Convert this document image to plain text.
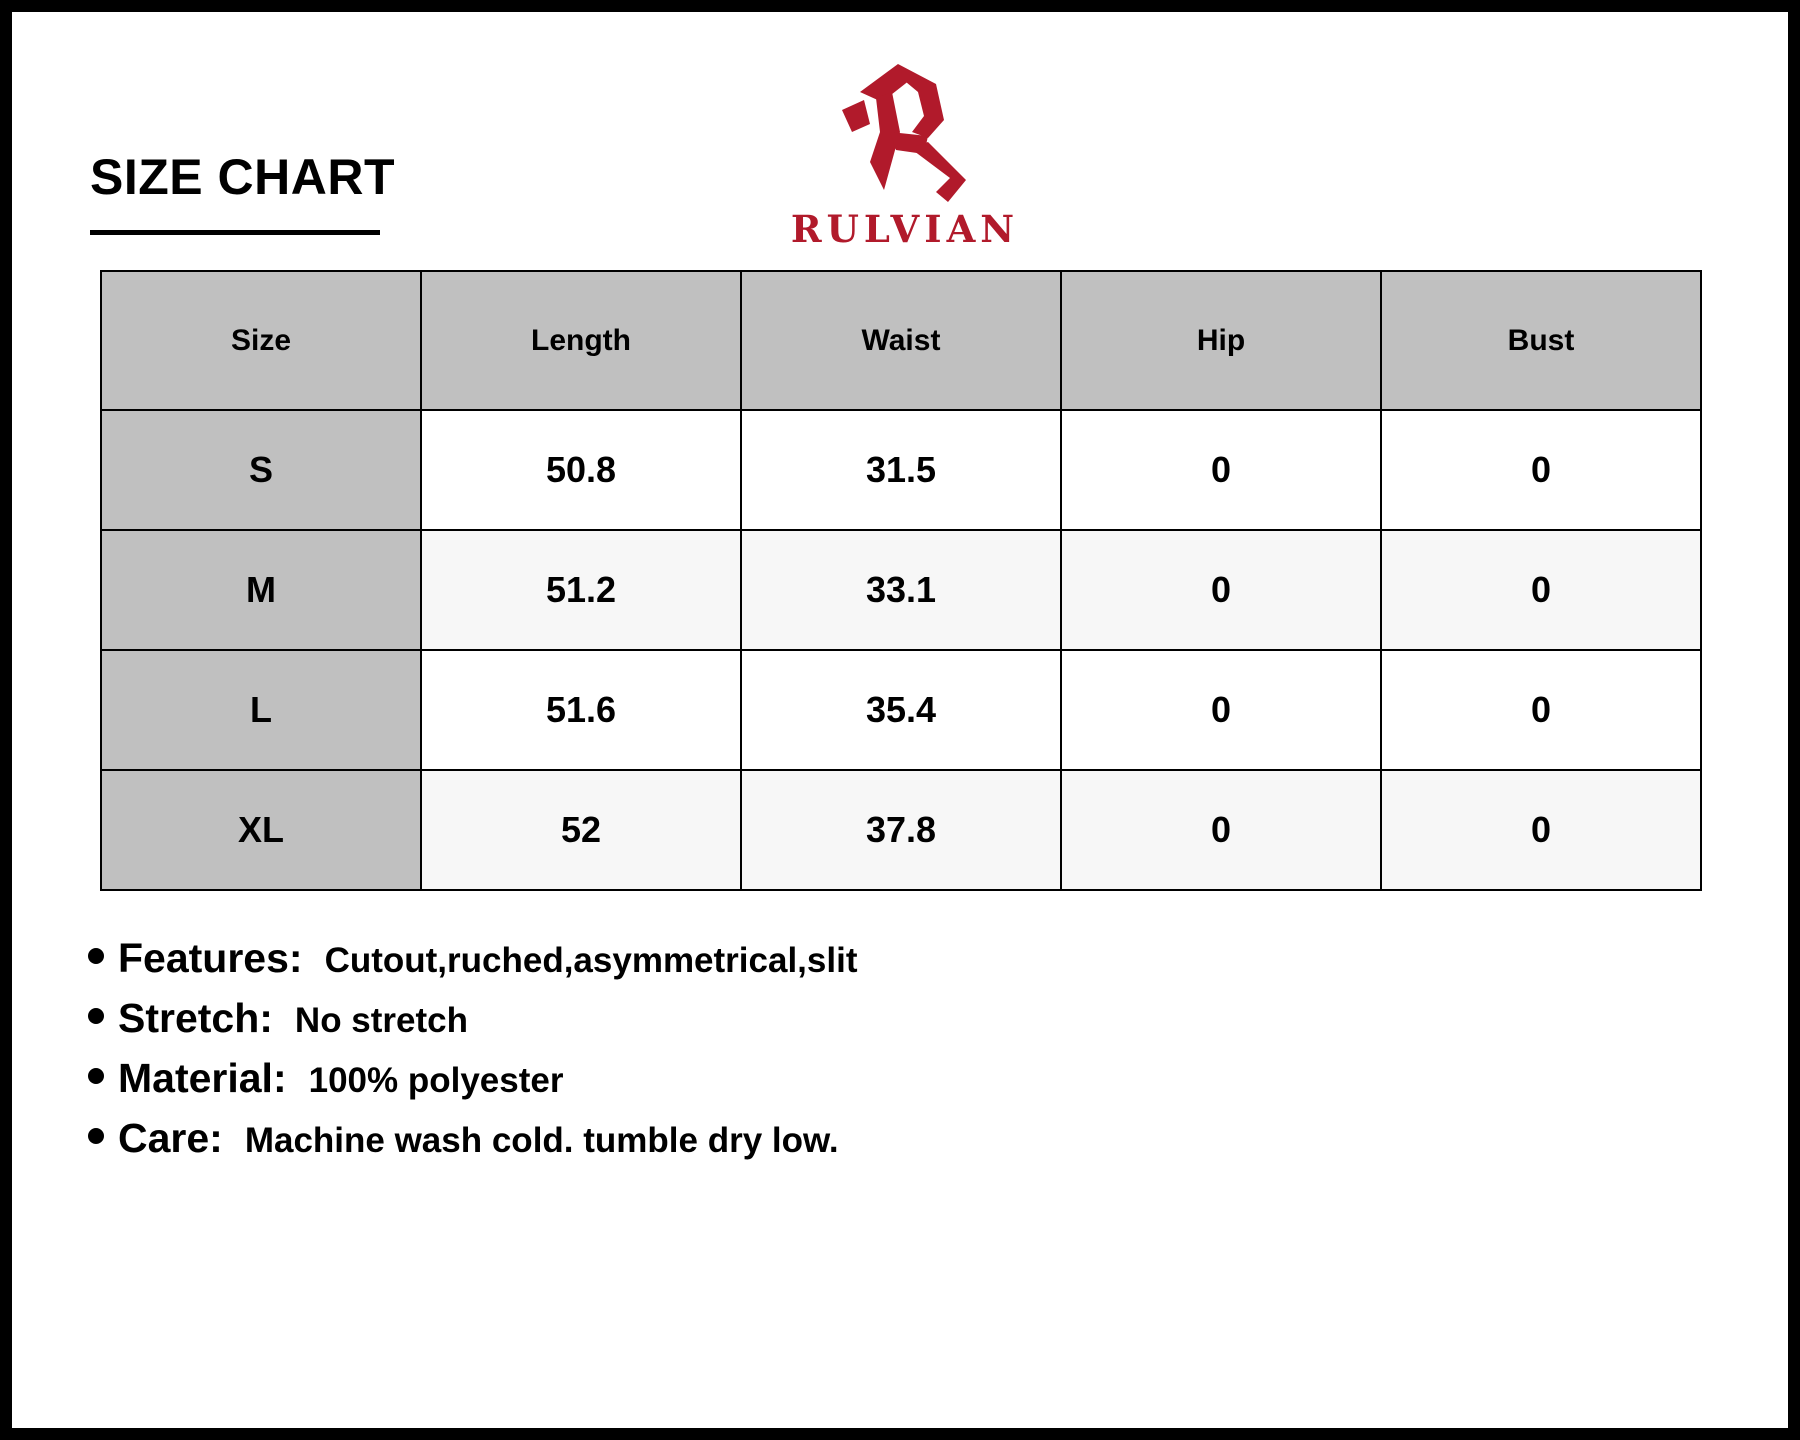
SIZE CHART
RULVIAN
Size	Length	Waist	Hip	Bust
S	50.8	31.5	0	0
M	51.2	33.1	0	0
L	51.6	35.4	0	0
XL	52	37.8	0	0
Features: Cutout,ruched,asymmetrical,slit
Stretch: No stretch
Material: 100% polyester
Care: Machine wash cold. tumble dry low.
